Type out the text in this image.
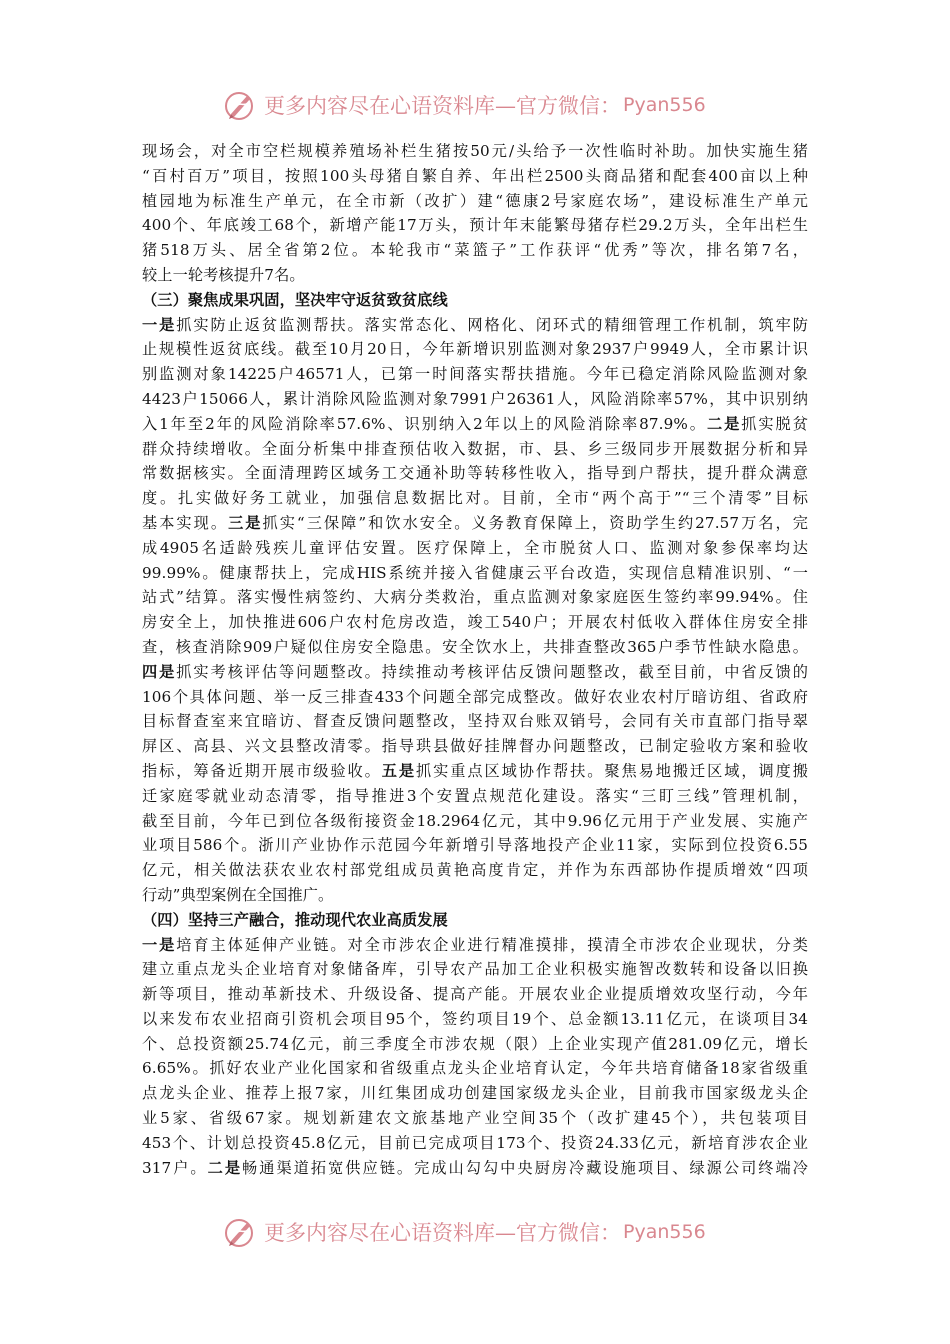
更多内容尽在心语资料库—官方微信： Pyan556
现场会，对全市空栏规模养殖场补栏生猪按50元/头给予一次性临时补助。加快实施生猪
“百村百万”项目，按照100头母猪自繁自养、年出栏2500头商品猪和配套400亩以上种
植园地为标准生产单元，在全市新（改扩）建“德康2号家庭农场”，建设标准生产单元
400个、年底竣工68个，新增产能17万头，预计年末能繁母猪存栏29.2万头，全年出栏生
猪518万头、居全省第2位。本轮我市“菜篮子”工作获评“优秀”等次，排名第7名，
较上一轮考核提升7名。
（三）聚焦成果巩固，坚决牢守返贫致贫底线
一是抓实防止返贫监测帮扶。落实常态化、网格化、闭环式的精细管理工作机制，筑牢防
止规模性返贫底线。截至10月20日，今年新增识别监测对象2937户9949人，全市累计识
别监测对象14225户46571人，已第一时间落实帮扶措施。今年已稳定消除风险监测对象
4423户15066人，累计消除风险监测对象7991户26361人，风险消除率57%，其中识别纳
入1年至2年的风险消除率57.6%、识别纳入2年以上的风险消除率87.9%。二是抓实脱贫
群众持续增收。全面分析集中排查预估收入数据，市、县、乡三级同步开展数据分析和异
常数据核实。全面清理跨区域务工交通补助等转移性收入，指导到户帮扶，提升群众满意
度。扎实做好务工就业，加强信息数据比对。目前，全市“两个高于”“三个清零”目标
基本实现。三是抓实“三保障”和饮水安全。义务教育保障上，资助学生约27.57万名，完
成4905名适龄残疾儿童评估安置。医疗保障上，全市脱贫人口、监测对象参保率均达
99.99%。健康帮扶上，完成HIS系统并接入省健康云平台改造，实现信息精准识别、“一
站式”结算。落实慢性病签约、大病分类救治，重点监测对象家庭医生签约率99.94%。住
房安全上，加快推进606户农村危房改造，竣工540户；开展农村低收入群体住房安全排
查，核查消除909户疑似住房安全隐患。安全饮水上，共排查整改365户季节性缺水隐患。
四是抓实考核评估等问题整改。持续推动考核评估反馈问题整改，截至目前，中省反馈的
106个具体问题、举一反三排查433个问题全部完成整改。做好农业农村厅暗访组、省政府
目标督查室来宜暗访、督查反馈问题整改，坚持双台账双销号，会同有关市直部门指导翠
屏区、高县、兴文县整改清零。指导珙县做好挂牌督办问题整改，已制定验收方案和验收
指标，筹备近期开展市级验收。五是抓实重点区域协作帮扶。聚焦易地搬迁区域，调度搬
迁家庭零就业动态清零，指导推进3个安置点规范化建设。落实“三盯三线”管理机制，
截至目前，今年已到位各级衔接资金18.2964亿元，其中9.96亿元用于产业发展、实施产
业项目586个。浙川产业协作示范园今年新增引导落地投产企业11家，实际到位投资6.55
亿元，相关做法获农业农村部党组成员黄艳高度肯定，并作为东西部协作提质增效“四项
行动”典型案例在全国推广。
（四）坚持三产融合，推动现代农业高质发展
一是培育主体延伸产业链。对全市涉农企业进行精准摸排，摸清全市涉农企业现状，分类
建立重点龙头企业培育对象储备库，引导农产品加工企业积极实施智改数转和设备以旧换
新等项目，推动革新技术、升级设备、提高产能。开展农业企业提质增效攻坚行动，今年
以来发布农业招商引资机会项目95个，签约项目19个、总金额13.11亿元，在谈项目34
个、总投资额25.74亿元，前三季度全市涉农规（限）上企业实现产值281.09亿元，增长
6.65%。抓好农业产业化国家和省级重点龙头企业培育认定，今年共培育储备18家省级重
点龙头企业、推荐上报7家，川红集团成功创建国家级龙头企业，目前我市国家级龙头企
业5家、省级67家。规划新建农文旅基地产业空间35个（改扩建45个），共包装项目
453个、计划总投资45.8亿元，目前已完成项目173个、投资24.33亿元，新培育涉农企业
317户。二是畅通渠道拓宽供应链。完成山勾勾中央厨房冷藏设施项目、绿源公司终端冷
更多内容尽在心语资料库—官方微信： Pyan556
